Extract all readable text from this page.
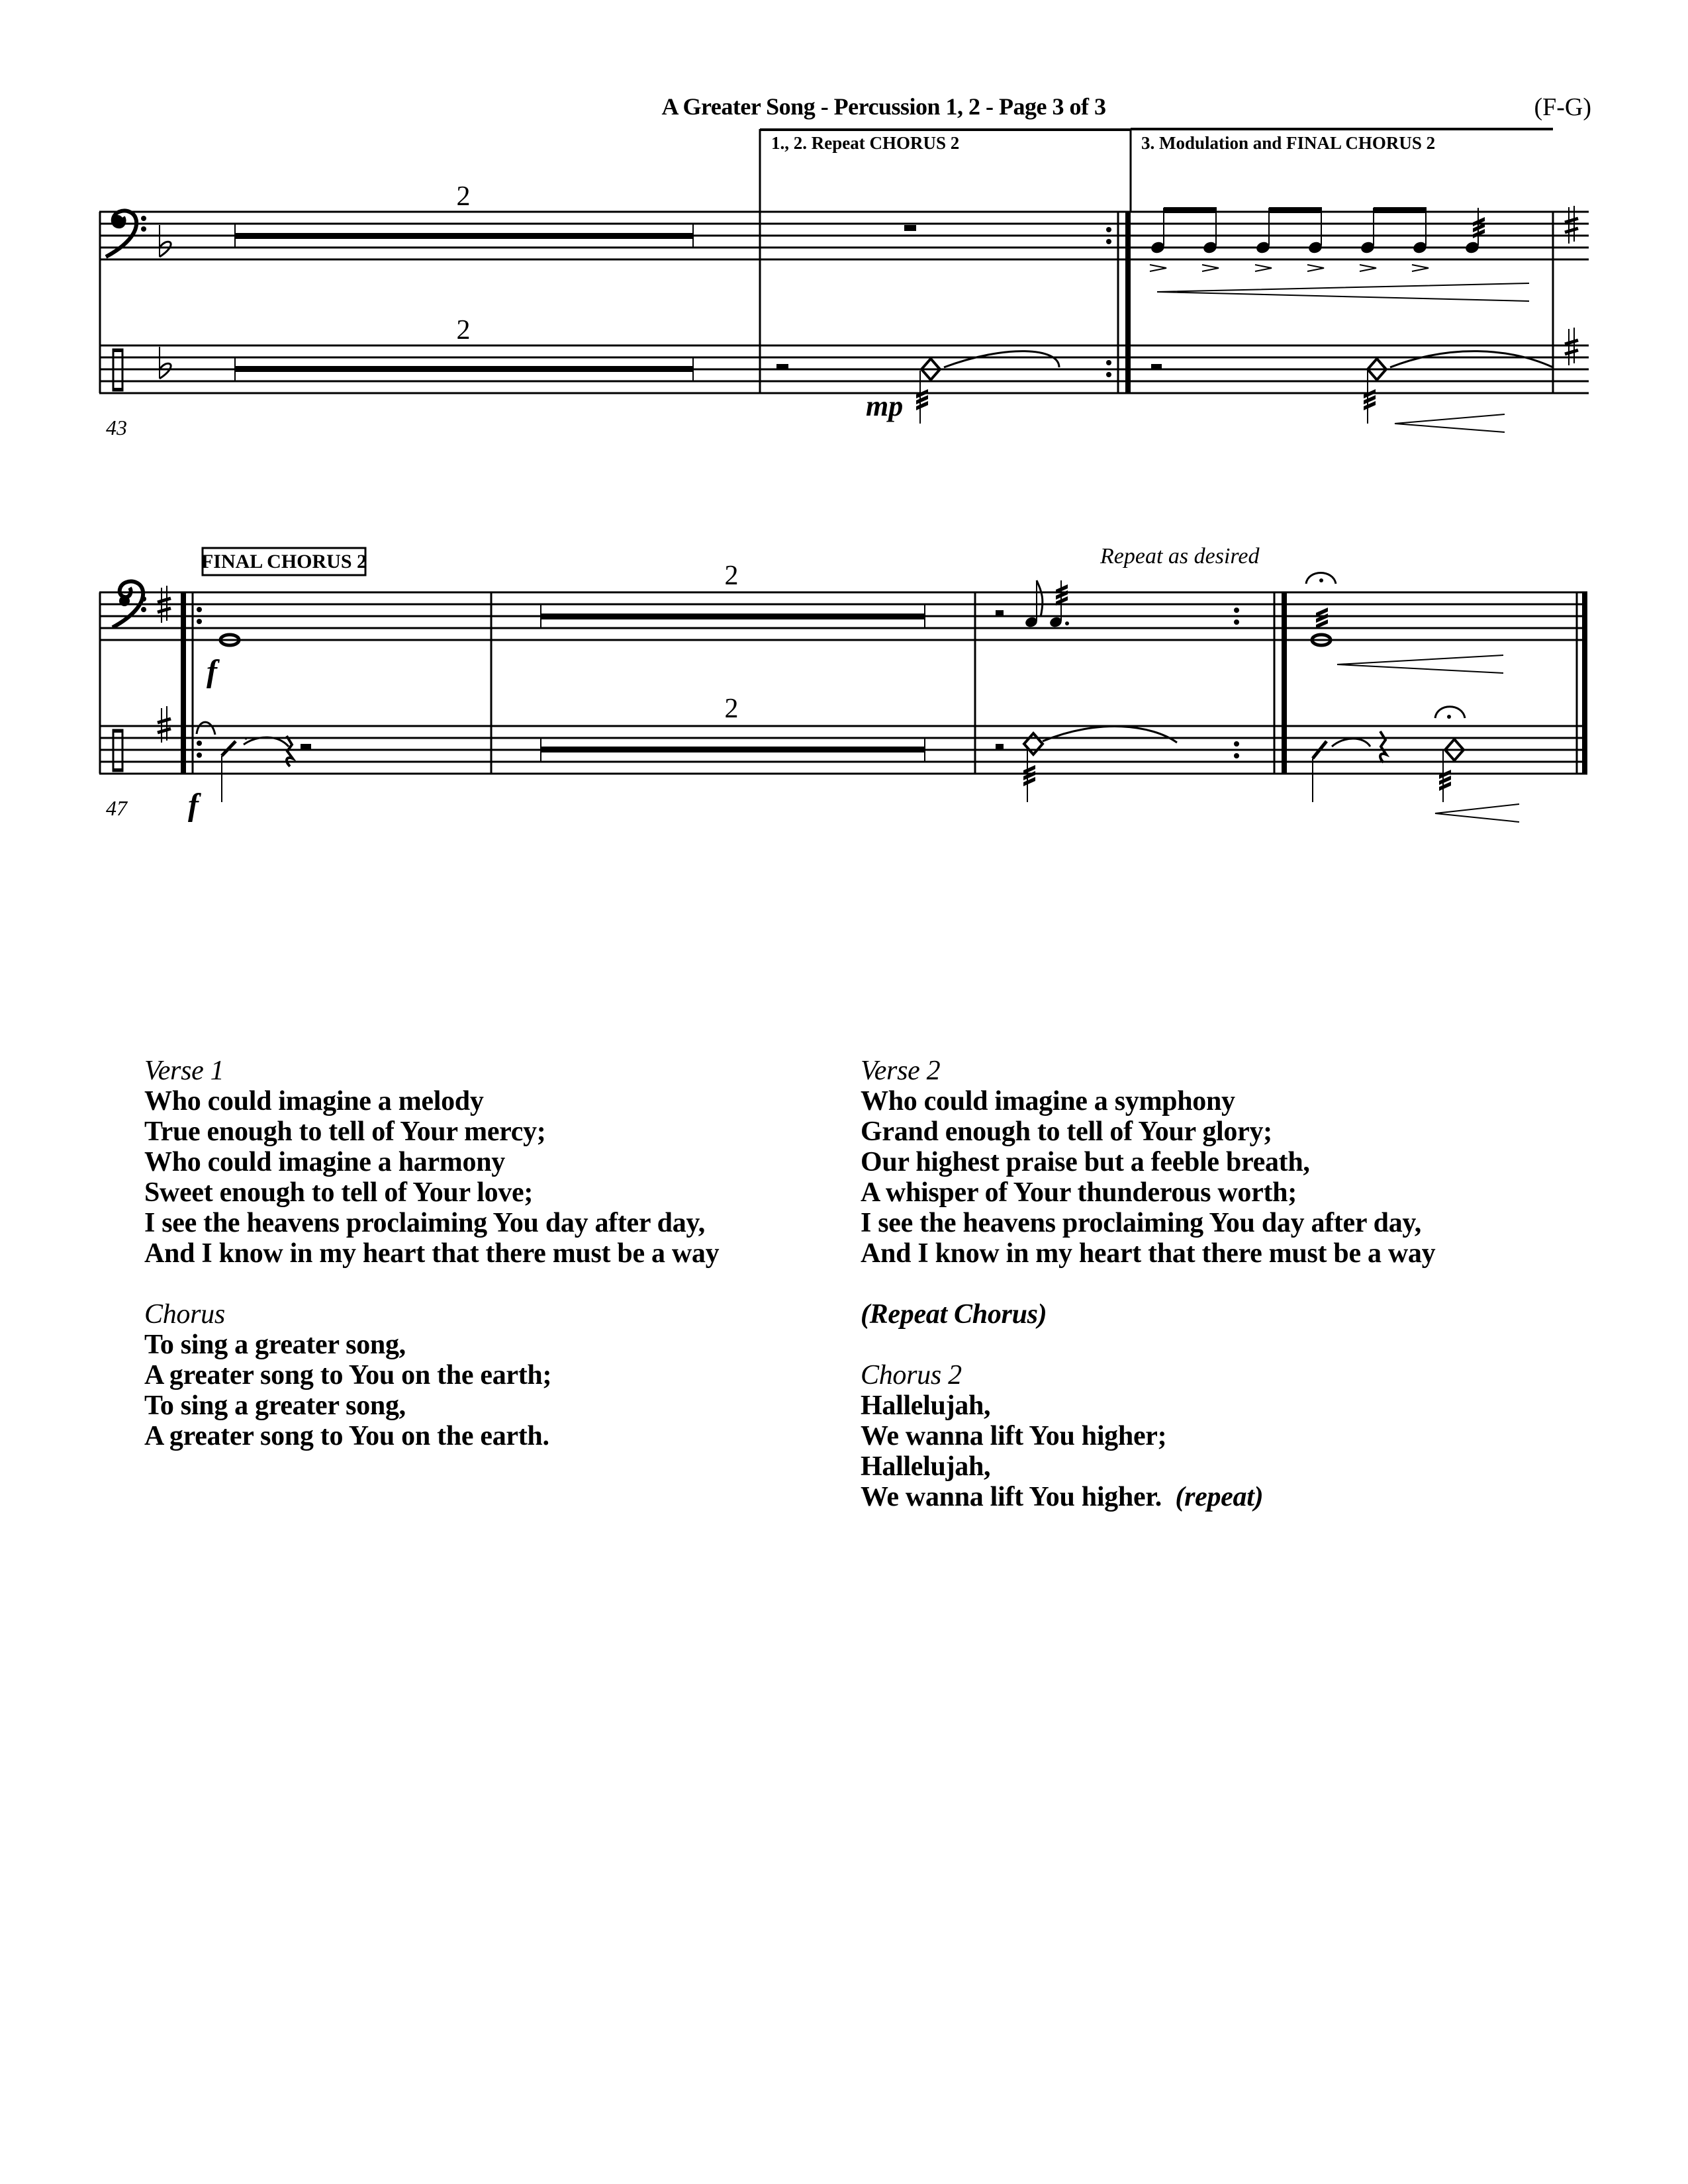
A Greater Song - Percussion 1, 2 - Page 3 of 3	(F-G)
2
2
1., 2. Repeat CHORUS 2	3. Modulation and FINAL CHORUS 2
mp
43
FINAL CHORUS 2
f
f
2
2
Repeat as desired
47
Verse 1
Who could imagine a melody
True enough to tell of Your mercy;
Who could imagine a harmony
Sweet enough to tell of Your love;
I see the heavens proclaiming You day after day,
And I know in my heart that there must be a way
Chorus
To sing a greater song,
A greater song to You on the earth;
To sing a greater song,
A greater song to You on the earth.
Verse 2
Who could imagine a symphony
Grand enough to tell of Your glory;
Our highest praise but a feeble breath,
A whisper of Your thunderous worth;
I see the heavens proclaiming You day after day,
And I know in my heart that there must be a way
(Repeat Chorus)
Chorus 2
Hallelujah,
We wanna lift You higher;
Hallelujah,
We wanna lift You higher. (repeat)
